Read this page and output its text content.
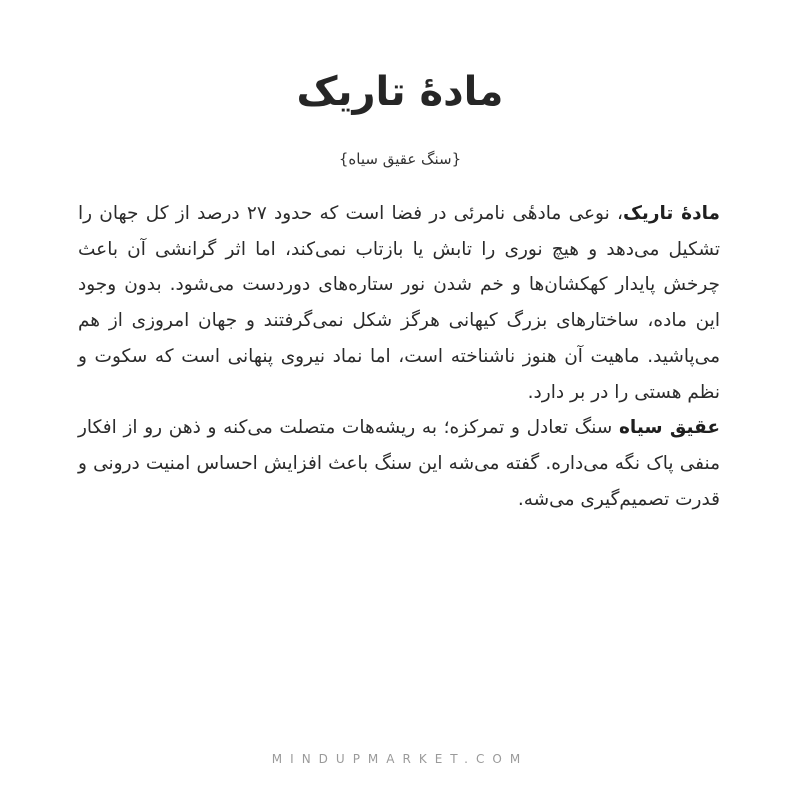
مادهٔ تاریک

{سنگ عقیق سیاه}

مادهٔ تاریک، نوعی مادهٔی نامرئی در فضا است که حدود ۲۷ درصد از کل جهان را تشکیل می‌دهد و هیچ نوری را تابش یا بازتاب نمی‌کند، اما اثر گرانشی آن باعث چرخش پایدار کهکشان‌ها و خم شدن نور ستاره‌های دوردست می‌شود. بدون وجود این ماده، ساختارهای بزرگ کیهانی هرگز شکل نمی‌گرفتند و جهان امروزی از هم می‌پاشید. ماهیت آن هنوز ناشناخته است، اما نماد نیروی پنهانی است که سکوت و نظم هستی را در بر دارد.

عقیق سیاه سنگ تعادل و تمرکزه؛ به ریشه‌هات متصلت می‌کنه و ذهن رو از افکار منفی پاک نگه می‌داره. گفته می‌شه این سنگ باعث افزایش احساس امنیت درونی و قدرت تصمیم‌گیری می‌شه.

MINDUPMARKET.COM
